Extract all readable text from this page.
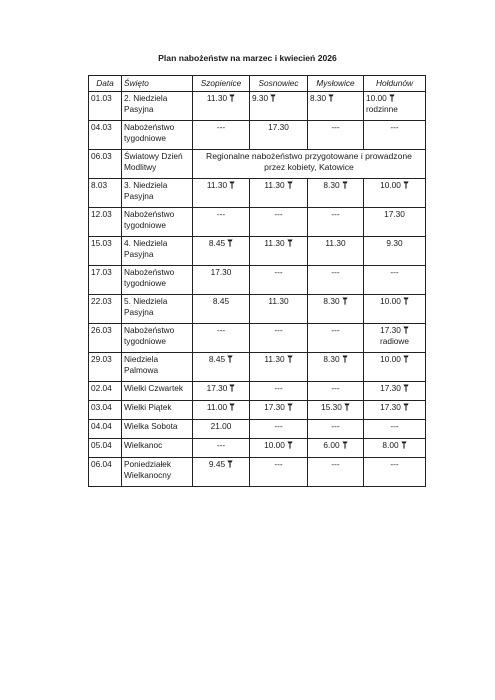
Plan nabożeństw na marzec i kwiecień 2026
Data	Święto	Szopienice	Sosnowiec	Mysłowice	Hołdunów
01.03	2. Niedziela Pasyjna	11.30	9.30	8.30	10.00
rodzinne
04.03	Nabożeństwo tygodniowe	---	17.30	---	---
06.03	Światowy Dzień Modlitwy	Regionalne nabożeństwo przygotowane i prowadzone przez kobiety, Katowice			
8.03	3. Niedziela Pasyjna	11.30	11.30	8.30	10.00
12.03	Nabożeństwo tygodniowe	---	---	---	17.30
15.03	4. Niedziela Pasyjna	8.45	11.30	11.30	9.30
17.03	Nabożeństwo tygodniowe	17.30	---	---	---
22.03	5. Niedziela Pasyjna	8.45	11.30	8.30	10.00
26.03	Nabożeństwo tygodniowe	---	---	---	17.30
radiowe
29.03	Niedziela Palmowa	8.45	11.30	8.30	10.00
02.04	Wielki Czwartek	17.30	---	---	17.30
03.04	Wielki Piątek	11.00	17.30	15.30	17.30
04.04	Wielka Sobota	21.00	---	---	---
05.04	Wielkanoc	---	10.00	6.00	8.00
06.04	Poniedziałek Wielkanocny	9.45	---	---	---
